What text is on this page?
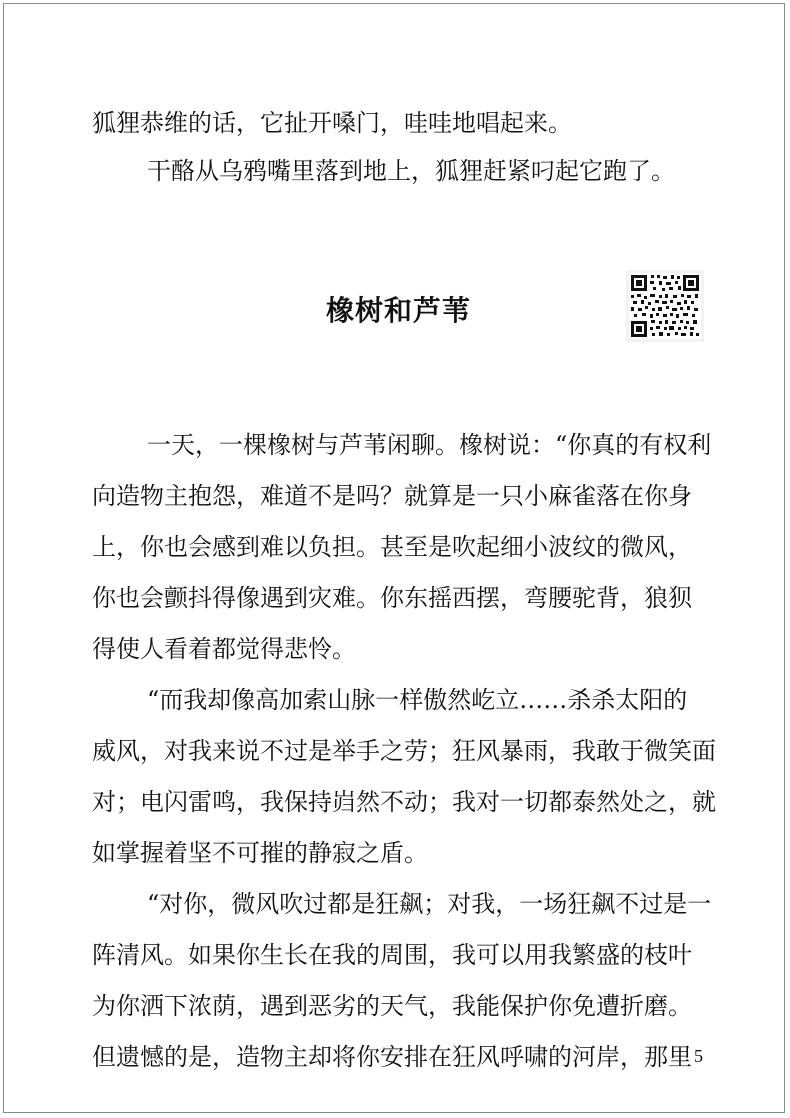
狐狸恭维的话，它扯开嗓门，哇哇地唱起来。
干酪从乌鸦嘴里落到地上，狐狸赶紧叼起它跑了。
橡树和芦苇
一天，一棵橡树与芦苇闲聊。橡树说：“你真的有权利
向造物主抱怨，难道不是吗？就算是一只小麻雀落在你身
上，你也会感到难以负担。甚至是吹起细小波纹的微风，
你也会颤抖得像遇到灾难。你东摇西摆，弯腰驼背，狼狈
得使人看着都觉得悲怜。
“而我却像高加索山脉一样傲然屹立……杀杀太阳的
威风，对我来说不过是举手之劳；狂风暴雨，我敢于微笑面
对；电闪雷鸣，我保持岿然不动；我对一切都泰然处之，就
如掌握着坚不可摧的静寂之盾。
“对你，微风吹过都是狂飙；对我，一场狂飙不过是一
阵清风。如果你生长在我的周围，我可以用我繁盛的枝叶
为你洒下浓荫，遇到恶劣的天气，我能保护你免遭折磨。
但遗憾的是，造物主却将你安排在狂风呼啸的河岸，那里 5
